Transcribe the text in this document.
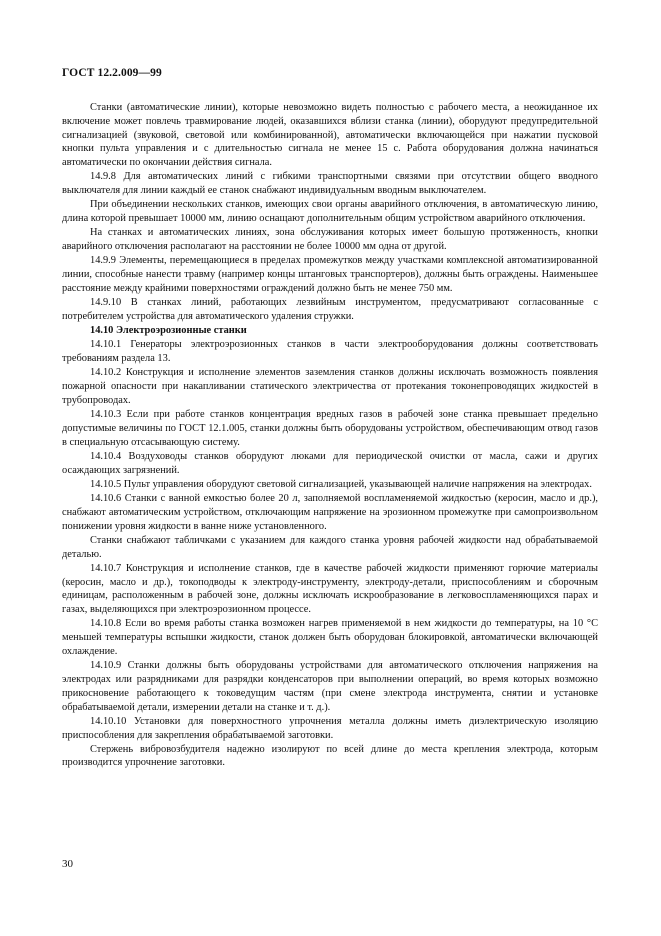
ГОСТ 12.2.009—99

Станки (автоматические линии), которые невозможно видеть полностью с рабочего места, а неожиданное их включение может повлечь травмирование людей, оказавшихся вблизи станка (линии), оборудуют предупредительной сигнализацией (звуковой, световой или комбинированной), автоматически включающейся при нажатии пусковой кнопки пульта управления и с длительностью сигнала не менее 15 с. Работа оборудования должна начинаться автоматически по окончании действия сигнала.

14.9.8 Для автоматических линий с гибкими транспортными связями при отсутствии общего вводного выключателя для линии каждый ее станок снабжают индивидуальным вводным выключателем.

При объединении нескольких станков, имеющих свои органы аварийного отключения, в автоматическую линию, длина которой превышает 10000 мм, линию оснащают дополнительным общим устройством аварийного отключения.

На станках и автоматических линиях, зона обслуживания которых имеет большую протяженность, кнопки аварийного отключения располагают на расстоянии не более 10000 мм одна от другой.

14.9.9 Элементы, перемещающиеся в пределах промежутков между участками комплексной автоматизированной линии, способные нанести травму (например концы штанговых транспортеров), должны быть ограждены. Наименьшее расстояние между крайними поверхностями ограждений должно быть не менее 750 мм.

14.9.10 В станках линий, работающих лезвийным инструментом, предусматривают согласованные с потребителем устройства для автоматического удаления стружки.

14.10 Электроэрозионные станки

14.10.1 Генераторы электроэрозионных станков в части электрооборудования должны соответствовать требованиям раздела 13.

14.10.2 Конструкция и исполнение элементов заземления станков должны исключать возможность появления пожарной опасности при накапливании статического электричества от протекания токонепроводящих жидкостей в трубопроводах.

14.10.3 Если при работе станков концентрация вредных газов в рабочей зоне станка превышает предельно допустимые величины по ГОСТ 12.1.005, станки должны быть оборудованы устройством, обеспечивающим отвод газов в специальную отсасывающую систему.

14.10.4 Воздуховоды станков оборудуют люками для периодической очистки от масла, сажи и других осаждающих загрязнений.

14.10.5 Пульт управления оборудуют световой сигнализацией, указывающей наличие напряжения на электродах.

14.10.6 Станки с ванной емкостью более 20 л, заполняемой воспламеняемой жидкостью (керосин, масло и др.), снабжают автоматическим устройством, отключающим напряжение на эрозионном промежутке при самопроизвольном понижении уровня жидкости в ванне ниже установленного.

Станки снабжают табличками с указанием для каждого станка уровня рабочей жидкости над обрабатываемой деталью.

14.10.7 Конструкция и исполнение станков, где в качестве рабочей жидкости применяют горючие материалы (керосин, масло и др.), токоподводы к электроду-инструменту, электроду-детали, приспособлениям и сборочным единицам, расположенным в рабочей зоне, должны исключать искрообразование в легковоспламеняющихся парах и газах, выделяющихся при электроэрозионном процессе.

14.10.8 Если во время работы станка возможен нагрев применяемой в нем жидкости до температуры, на 10 °С меньшей температуры вспышки жидкости, станок должен быть оборудован блокировкой, автоматически включающей охлаждение.

14.10.9 Станки должны быть оборудованы устройствами для автоматического отключения напряжения на электродах или разрядниками для разрядки конденсаторов при выполнении операций, во время которых возможно прикосновение работающего к токоведущим частям (при смене электрода инструмента, снятии и установке обрабатываемой детали, измерении детали на станке и т. д.).

14.10.10 Установки для поверхностного упрочнения металла должны иметь диэлектрическую изоляцию приспособления для закрепления обрабатываемой заготовки.

Стержень вибровозбудителя надежно изолируют по всей длине до места крепления электрода, которым производится упрочнение заготовки.

30
